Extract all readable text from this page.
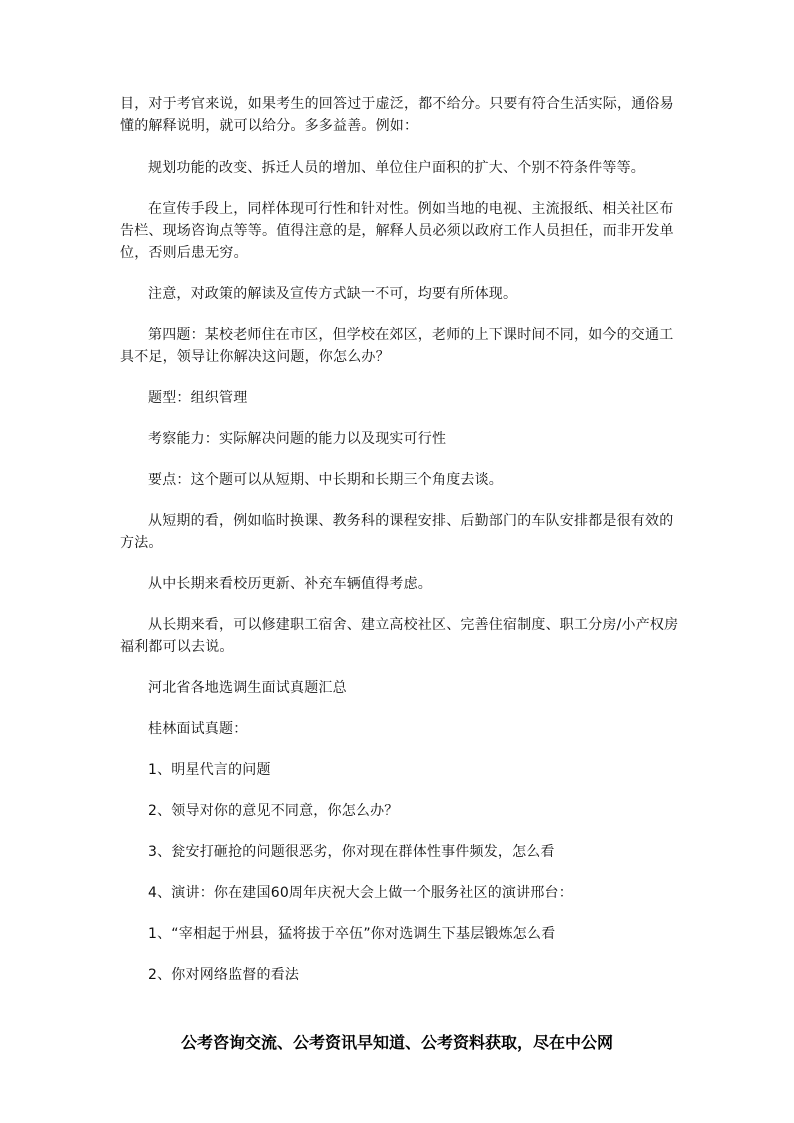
目，对于考官来说，如果考生的回答过于虚泛，都不给分。只要有符合生活实际，通俗易懂的解释说明，就可以给分。多多益善。例如：

规划功能的改变、拆迁人员的增加、单位住户面积的扩大、个别不符条件等等。

在宣传手段上，同样体现可行性和针对性。例如当地的电视、主流报纸、相关社区布告栏、现场咨询点等等。值得注意的是，解释人员必须以政府工作人员担任，而非开发单位，否则后患无穷。

注意，对政策的解读及宣传方式缺一不可，均要有所体现。

第四题：某校老师住在市区，但学校在郊区，老师的上下课时间不同，如今的交通工具不足，领导让你解决这问题，你怎么办？

题型：组织管理

考察能力：实际解决问题的能力以及现实可行性

要点：这个题可以从短期、中长期和长期三个角度去谈。

从短期的看，例如临时换课、教务科的课程安排、后勤部门的车队安排都是很有效的方法。

从中长期来看校历更新、补充车辆值得考虑。

从长期来看，可以修建职工宿舍、建立高校社区、完善住宿制度、职工分房/小产权房福利都可以去说。

河北省各地选调生面试真题汇总

桂林面试真题：

1、明星代言的问题

2、领导对你的意见不同意，你怎么办？

3、瓮安打砸抢的问题很恶劣，你对现在群体性事件频发，怎么看

4、演讲：你在建国60周年庆祝大会上做一个服务社区的演讲邢台：

1、“宰相起于州县，猛将拔于卒伍”你对选调生下基层锻炼怎么看

2、你对网络监督的看法

公考咨询交流、公考资讯早知道、公考资料获取，尽在中公网
